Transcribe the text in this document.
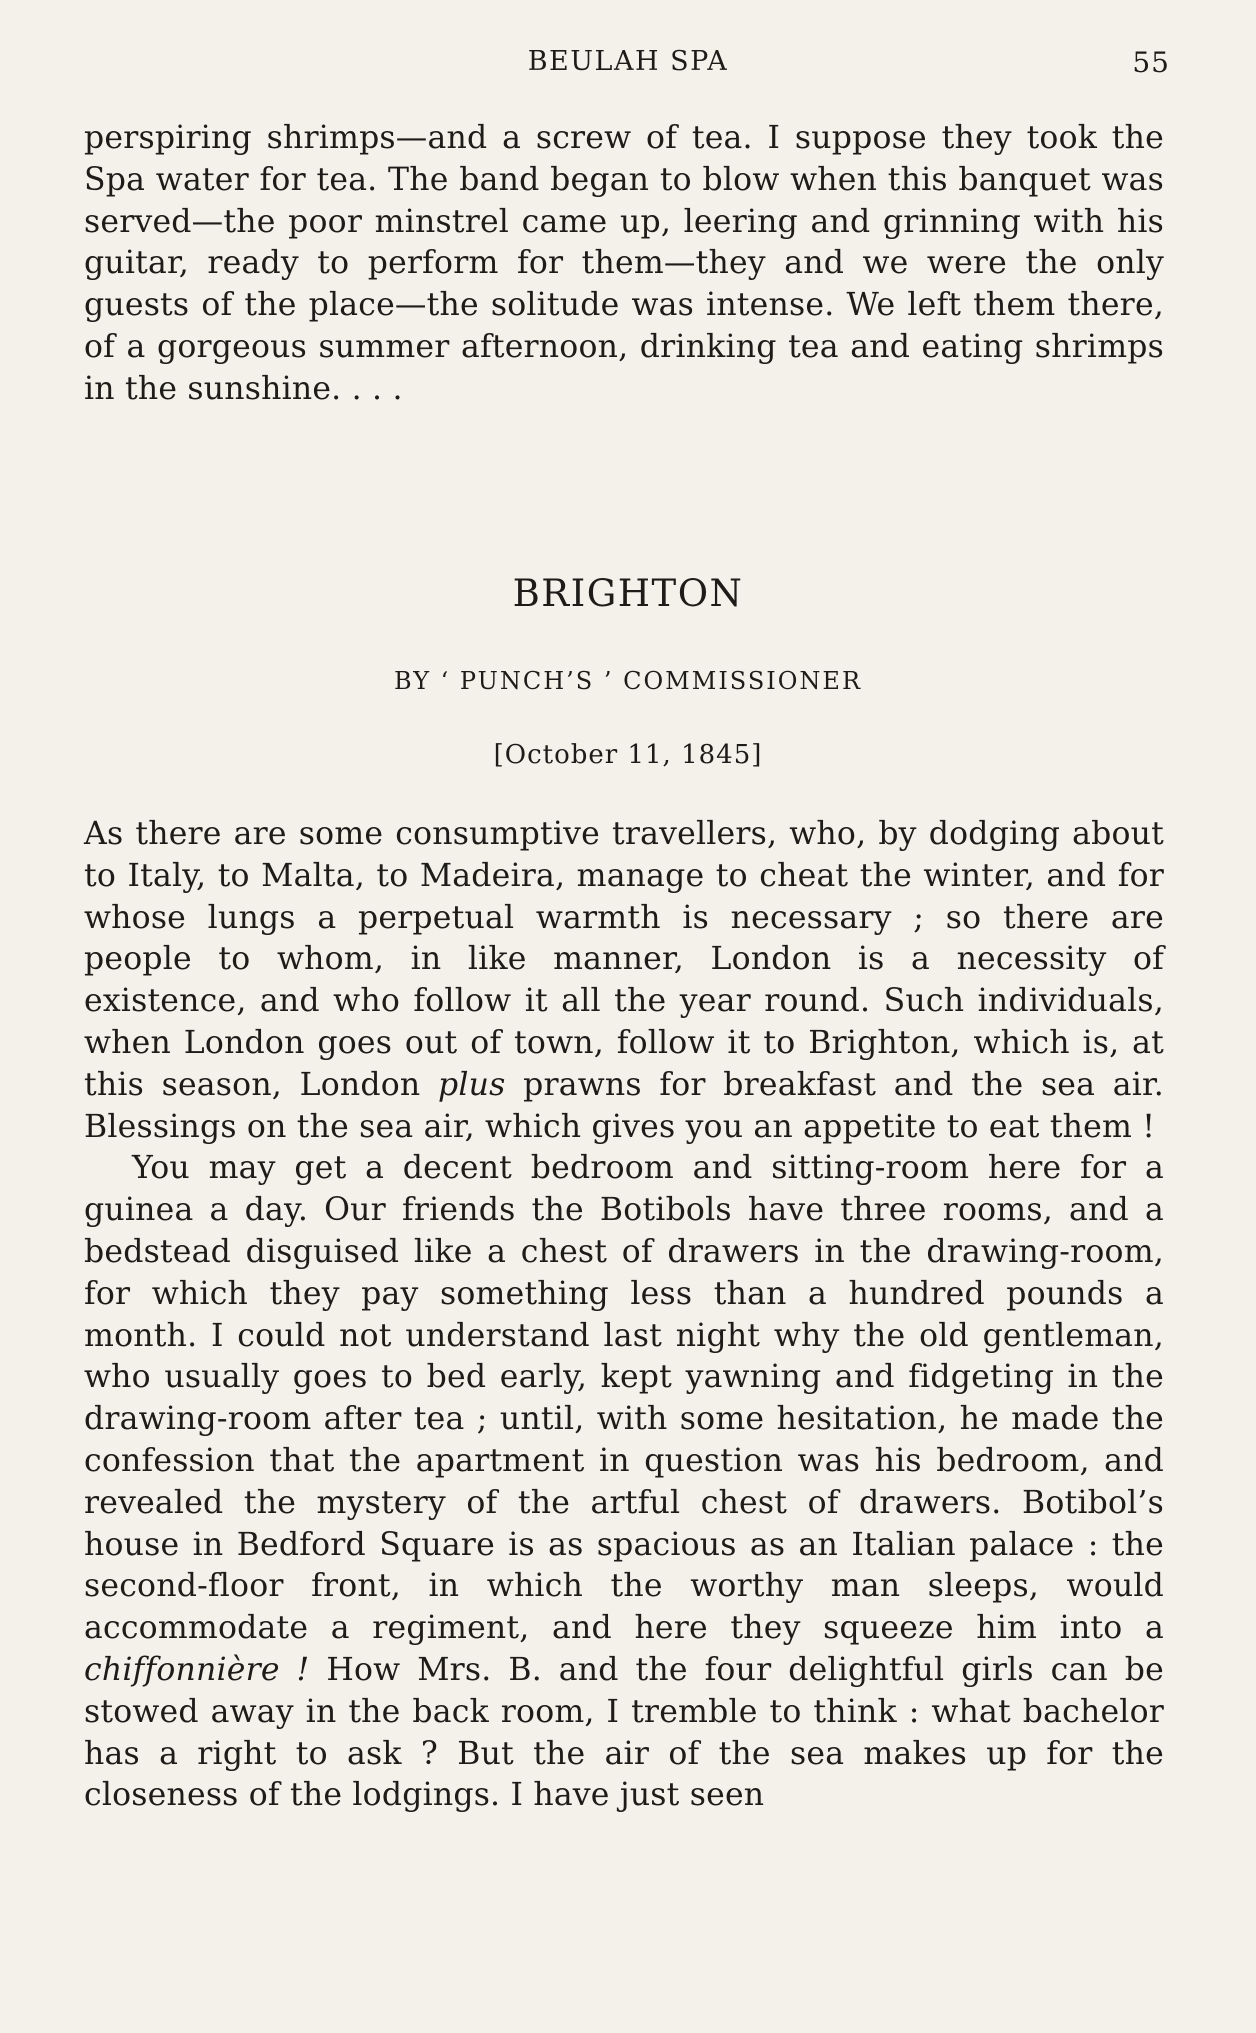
BEULAH SPA	55

perspiring shrimps—and a screw of tea. I suppose they took the Spa water for tea. The band began to blow when this banquet was served—the poor minstrel came up, leering and grinning with his guitar, ready to perform for them—they and we were the only guests of the place—the solitude was intense. We left them there, of a gorgeous summer afternoon, drinking tea and eating shrimps in the sunshine. . . .

BRIGHTON
BY ‘ PUNCH’S ’ COMMISSIONER
[October 11, 1845]

As there are some consumptive travellers, who, by dodging about to Italy, to Malta, to Madeira, manage to cheat the winter, and for whose lungs a perpetual warmth is necessary ; so there are people to whom, in like manner, London is a necessity of existence, and who follow it all the year round. Such individuals, when London goes out of town, follow it to Brighton, which is, at this season, London plus prawns for breakfast and the sea air. Blessings on the sea air, which gives you an appetite to eat them !

You may get a decent bedroom and sitting-room here for a guinea a day. Our friends the Botibols have three rooms, and a bedstead disguised like a chest of drawers in the drawing-room, for which they pay something less than a hundred pounds a month. I could not understand last night why the old gentleman, who usually goes to bed early, kept yawning and fidgeting in the drawing-room after tea ; until, with some hesitation, he made the confession that the apartment in question was his bedroom, and revealed the mystery of the artful chest of drawers. Botibol’s house in Bedford Square is as spacious as an Italian palace : the second-floor front, in which the worthy man sleeps, would accommodate a regiment, and here they squeeze him into a chiffonnière ! How Mrs. B. and the four delightful girls can be stowed away in the back room, I tremble to think : what bachelor has a right to ask ? But the air of the sea makes up for the closeness of the lodgings. I have just seen
